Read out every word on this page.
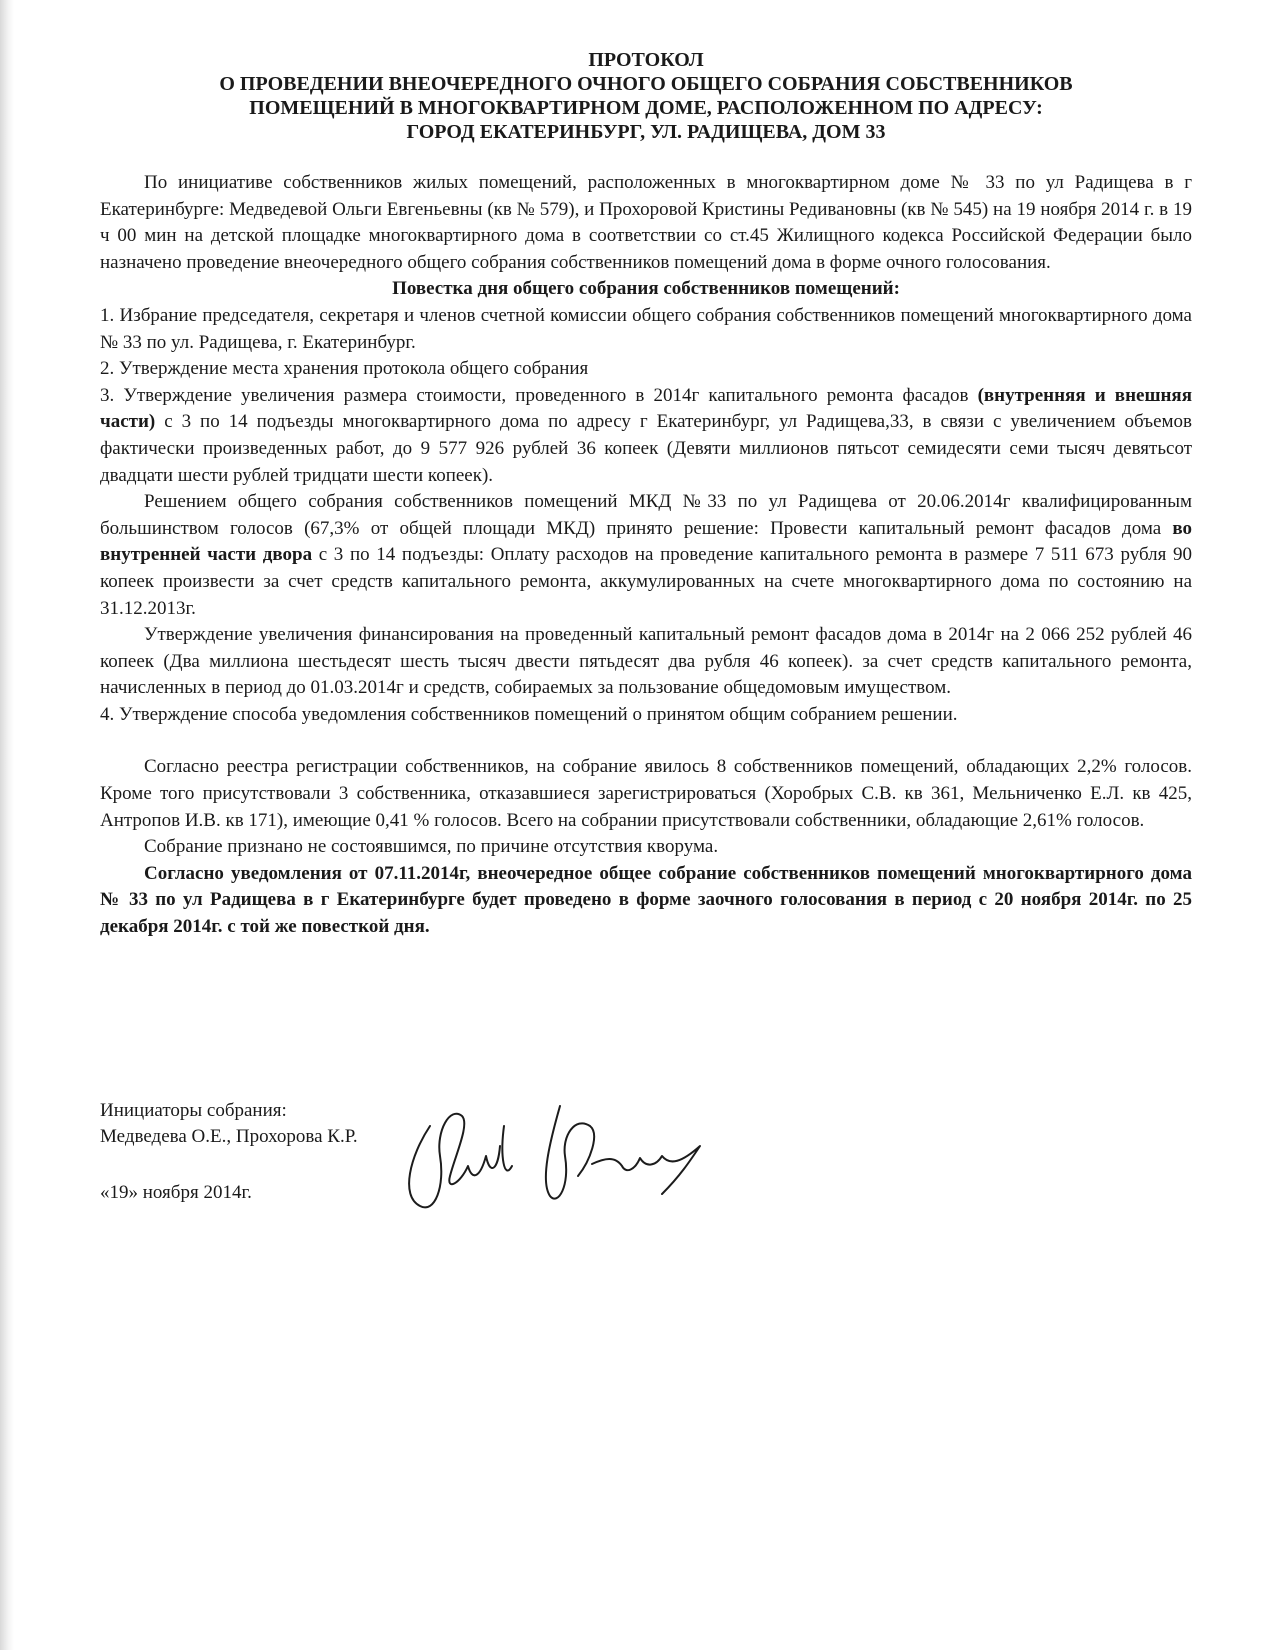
ПРОТОКОЛ
О ПРОВЕДЕНИИ ВНЕОЧЕРЕДНОГО ОЧНОГО ОБЩЕГО СОБРАНИЯ СОБСТВЕННИКОВ
ПОМЕЩЕНИЙ В МНОГОКВАРТИРНОМ ДОМЕ, РАСПОЛОЖЕННОМ ПО АДРЕСУ:
ГОРОД ЕКАТЕРИНБУРГ, УЛ. РАДИЩЕВА, ДОМ 33

По инициативе собственников жилых помещений, расположенных в многоквартирном доме № 33 по ул Радищева в г Екатеринбурге: Медведевой Ольги Евгеньевны (кв № 579), и Прохоровой Кристины Редивановны (кв № 545) на 19 ноября 2014 г. в 19 ч 00 мин на детской площадке многоквартирного дома в соответствии со ст.45 Жилищного кодекса Российской Федерации было назначено проведение внеочередного общего собрания собственников помещений дома в форме очного голосования.

Повестка дня общего собрания собственников помещений:

1. Избрание председателя, секретаря и членов счетной комиссии общего собрания собственников помещений многоквартирного дома № 33 по ул. Радищева, г. Екатеринбург.

2. Утверждение места хранения протокола общего собрания

3. Утверждение увеличения размера стоимости, проведенного в 2014г капитального ремонта фасадов (внутренняя и внешняя части) с 3 по 14 подъезды многоквартирного дома по адресу г Екатеринбург, ул Радищева,33, в связи с увеличением объемов фактически произведенных работ, до 9 577 926 рублей 36 копеек (Девяти миллионов пятьсот семидесяти семи тысяч девятьсот двадцати шести рублей тридцати шести копеек).

Решением общего собрания собственников помещений МКД №33 по ул Радищева от 20.06.2014г квалифицированным большинством голосов (67,3% от общей площади МКД) принято решение: Провести капитальный ремонт фасадов дома во внутренней части двора с 3 по 14 подъезды: Оплату расходов на проведение капитального ремонта в размере 7 511 673 рубля 90 копеек произвести за счет средств капитального ремонта, аккумулированных на счете многоквартирного дома по состоянию на 31.12.2013г.

Утверждение увеличения финансирования на проведенный капитальный ремонт фасадов дома в 2014г на 2 066 252 рублей 46 копеек (Два миллиона шестьдесят шесть тысяч двести пятьдесят два рубля 46 копеек). за счет средств капитального ремонта, начисленных в период до 01.03.2014г и средств, собираемых за пользование общедомовым имуществом.

4. Утверждение способа уведомления собственников помещений о принятом общим собранием решении.

Согласно реестра регистрации собственников, на собрание явилось 8 собственников помещений, обладающих 2,2% голосов. Кроме того присутствовали 3 собственника, отказавшиеся зарегистрироваться (Хоробрых С.В. кв 361, Мельниченко Е.Л. кв 425, Антропов И.В. кв 171), имеющие 0,41 % голосов. Всего на собрании присутствовали собственники, обладающие 2,61% голосов.

Собрание признано не состоявшимся, по причине отсутствия кворума.

Согласно уведомления от 07.11.2014г, внеочередное общее собрание собственников помещений многоквартирного дома № 33 по ул Радищева в г Екатеринбурге будет проведено в форме заочного голосования в период с 20 ноября 2014г. по 25 декабря 2014г. с той же повесткой дня.

Инициаторы собрания:

Медведева О.Е., Прохорова К.Р.

«19» ноября 2014г.
